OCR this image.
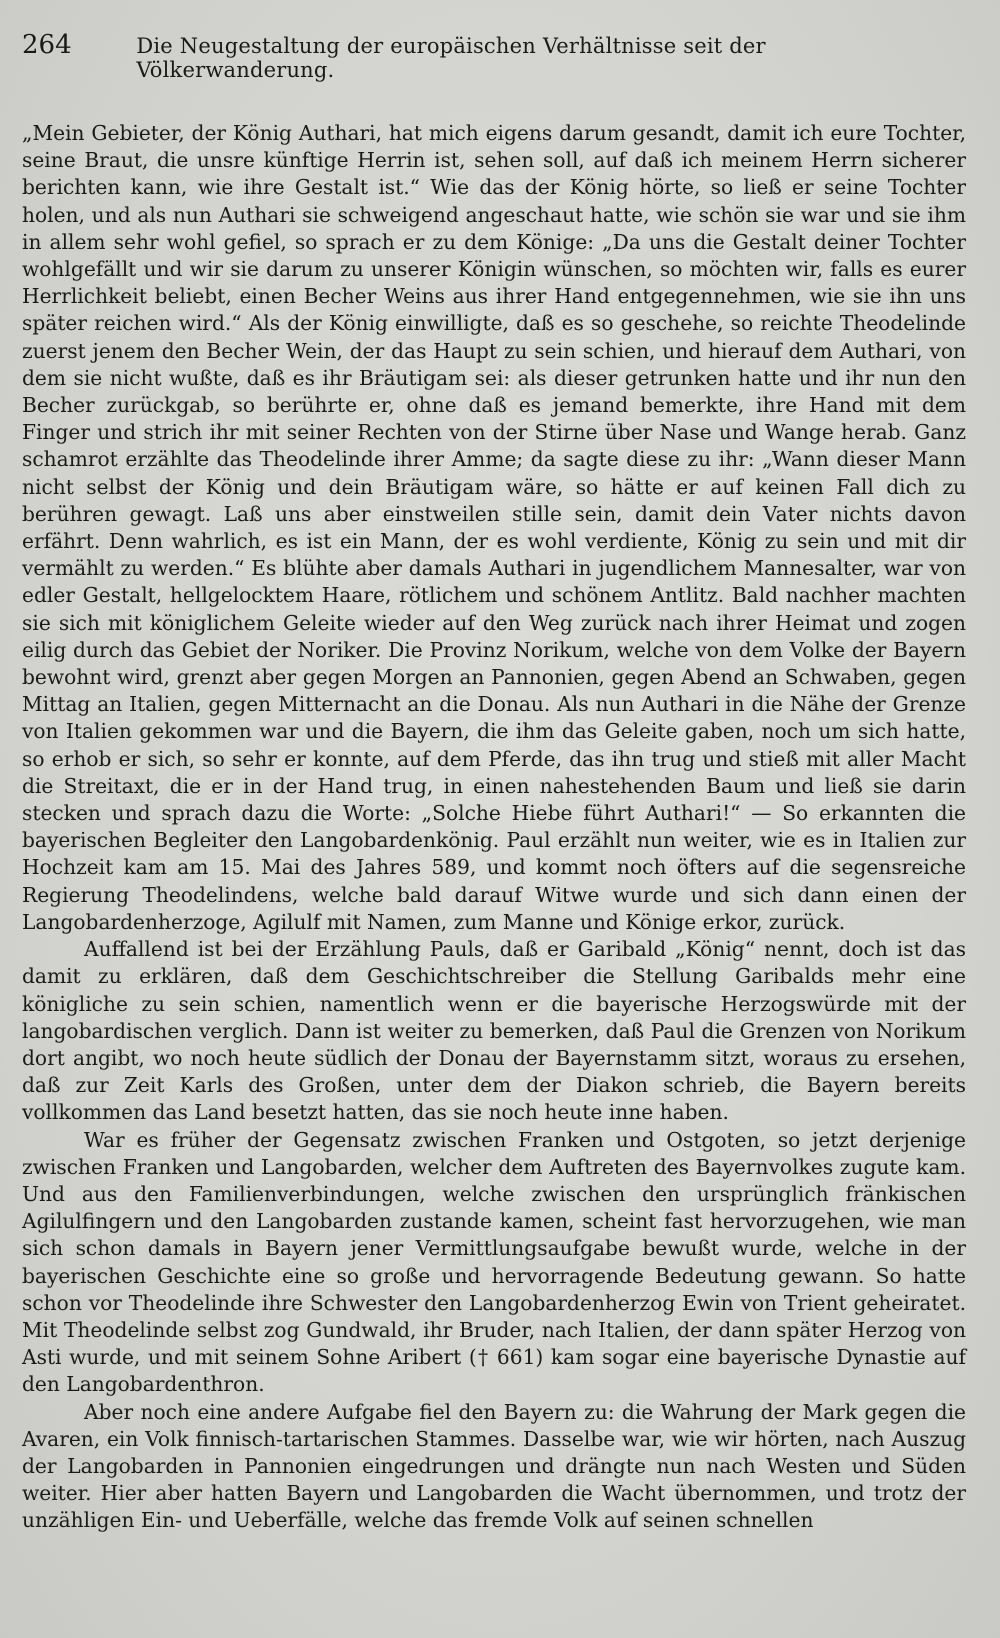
264	Die Neugestaltung der europäischen Verhältnisse seit der Völkerwanderung.

„Mein Gebieter, der König Authari, hat mich eigens darum gesandt, damit ich eure Tochter, seine Braut, die unsre künftige Herrin ist, sehen soll, auf daß ich meinem Herrn sicherer berichten kann, wie ihre Gestalt ist.“ Wie das der König hörte, so ließ er seine Tochter holen, und als nun Authari sie schweigend angeschaut hatte, wie schön sie war und sie ihm in allem sehr wohl gefiel, so sprach er zu dem Könige: „Da uns die Gestalt deiner Tochter wohlgefällt und wir sie darum zu unserer Königin wünschen, so möchten wir, falls es eurer Herrlichkeit beliebt, einen Becher Weins aus ihrer Hand entgegennehmen, wie sie ihn uns später reichen wird.“ Als der König einwilligte, daß es so geschehe, so reichte Theodelinde zuerst jenem den Becher Wein, der das Haupt zu sein schien, und hierauf dem Authari, von dem sie nicht wußte, daß es ihr Bräutigam sei: als dieser getrunken hatte und ihr nun den Becher zurückgab, so berührte er, ohne daß es jemand bemerkte, ihre Hand mit dem Finger und strich ihr mit seiner Rechten von der Stirne über Nase und Wange herab. Ganz schamrot erzählte das Theodelinde ihrer Amme; da sagte diese zu ihr: „Wann dieser Mann nicht selbst der König und dein Bräutigam wäre, so hätte er auf keinen Fall dich zu berühren gewagt. Laß uns aber einstweilen stille sein, damit dein Vater nichts davon erfährt. Denn wahrlich, es ist ein Mann, der es wohl verdiente, König zu sein und mit dir vermählt zu werden.“ Es blühte aber damals Authari in jugendlichem Mannesalter, war von edler Gestalt, hellgelocktem Haare, rötlichem und schönem Antlitz. Bald nachher machten sie sich mit königlichem Geleite wieder auf den Weg zurück nach ihrer Heimat und zogen eilig durch das Gebiet der Noriker. Die Provinz Norikum, welche von dem Volke der Bayern bewohnt wird, grenzt aber gegen Morgen an Pannonien, gegen Abend an Schwaben, gegen Mittag an Italien, gegen Mitternacht an die Donau. Als nun Authari in die Nähe der Grenze von Italien gekommen war und die Bayern, die ihm das Geleite gaben, noch um sich hatte, so erhob er sich, so sehr er konnte, auf dem Pferde, das ihn trug und stieß mit aller Macht die Streitaxt, die er in der Hand trug, in einen nahestehenden Baum und ließ sie darin stecken und sprach dazu die Worte: „Solche Hiebe führt Authari!“ — So erkannten die bayerischen Begleiter den Langobardenkönig. Paul erzählt nun weiter, wie es in Italien zur Hochzeit kam am 15. Mai des Jahres 589, und kommt noch öfters auf die segensreiche Regierung Theodelindens, welche bald darauf Witwe wurde und sich dann einen der Langobardenherzoge, Agilulf mit Namen, zum Manne und Könige erkor, zurück.

Auffallend ist bei der Erzählung Pauls, daß er Garibald „König“ nennt, doch ist das damit zu erklären, daß dem Geschichtschreiber die Stellung Garibalds mehr eine königliche zu sein schien, namentlich wenn er die bayerische Herzogswürde mit der langobardischen verglich. Dann ist weiter zu bemerken, daß Paul die Grenzen von Norikum dort angibt, wo noch heute südlich der Donau der Bayernstamm sitzt, woraus zu ersehen, daß zur Zeit Karls des Großen, unter dem der Diakon schrieb, die Bayern bereits vollkommen das Land besetzt hatten, das sie noch heute inne haben.

War es früher der Gegensatz zwischen Franken und Ostgoten, so jetzt derjenige zwischen Franken und Langobarden, welcher dem Auftreten des Bayernvolkes zugute kam. Und aus den Familienverbindungen, welche zwischen den ursprünglich fränkischen Agilulfingern und den Langobarden zustande kamen, scheint fast hervorzugehen, wie man sich schon damals in Bayern jener Vermittlungsaufgabe bewußt wurde, welche in der bayerischen Geschichte eine so große und hervorragende Bedeutung gewann. So hatte schon vor Theodelinde ihre Schwester den Langobardenherzog Ewin von Trient geheiratet. Mit Theodelinde selbst zog Gundwald, ihr Bruder, nach Italien, der dann später Herzog von Asti wurde, und mit seinem Sohne Aribert († 661) kam sogar eine bayerische Dynastie auf den Langobardenthron.

Aber noch eine andere Aufgabe fiel den Bayern zu: die Wahrung der Mark gegen die Avaren, ein Volk finnisch-tartarischen Stammes. Dasselbe war, wie wir hörten, nach Auszug der Langobarden in Pannonien eingedrungen und drängte nun nach Westen und Süden weiter. Hier aber hatten Bayern und Langobarden die Wacht übernommen, und trotz der unzähligen Ein- und Ueberfälle, welche das fremde Volk auf seinen schnellen
